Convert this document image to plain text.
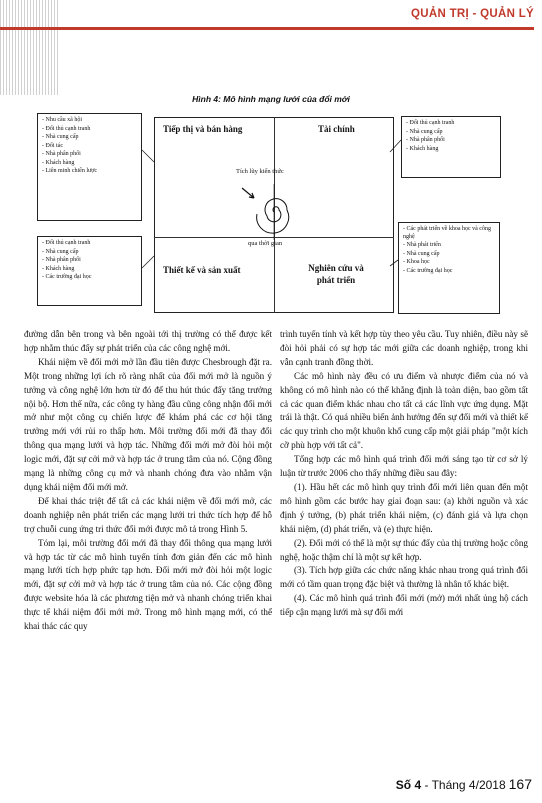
QUẢN TRỊ - QUẢN LÝ
Hình 4: Mô hình mạng lưới của đổi mới
- Nhu cầu xã hội
- Đối thủ cạnh tranh
- Nhà cung cấp
- Đối tác
- Nhà phân phối
- Khách hàng
- Liên minh chiến lược
- Đối thủ cạnh tranh
- Nhà cung cấp
- Nhà phân phối
- Khách hàng
- Các trường đại học
- Đối thủ cạnh tranh
- Nhà cung cấp
- Nhà phân phối
- Khách hàng
- Các phát triển về khoa học và công nghệ
- Nhà phát triển
- Nhà cung cấp
- Khoa học
- Các trường đại học
Tiếp thị và bán hàng	Tài chính
Thiết kế và sản xuất	Nghiên cứu và phát triển
Tích lũy kiến thức
qua thời gian

đường dẫn bên trong và bên ngoài tới thị trường có thể được kết hợp nhằm thúc đẩy sự phát triển của các công nghệ mới.

Khái niệm về đổi mới mở lần đầu tiên được Chesbrough đặt ra. Một trong những lợi ích rõ ràng nhất của đổi mới mở là nguồn ý tưởng và công nghệ lớn hơn từ đó để thu hút thúc đẩy tăng trưởng nội bộ. Hơn thế nữa, các công ty hàng đầu cũng công nhận đổi mới mở như một công cụ chiến lược để khám phá các cơ hội tăng trưởng mới với rủi ro thấp hơn. Môi trường đổi mới đã thay đổi thông qua mạng lưới và hợp tác. Những đổi mới mở đòi hỏi một logic mới, đặt sự cởi mở và hợp tác ở trung tâm của nó. Cộng đồng mạng là những công cụ mở và nhanh chóng đưa vào nhằm vận dụng khái niệm đổi mới mở.

Để khai thác triệt để tất cả các khái niệm về đổi mới mở, các doanh nghiệp nên phát triển các mạng lưới tri thức tích hợp để hỗ trợ chuỗi cung ứng tri thức đổi mới được mô tả trong Hình 5.

Tóm lại, môi trường đổi mới đã thay đổi thông qua mạng lưới và hợp tác từ các mô hình tuyến tính đơn giản đến các mô hình mạng lưới tích hợp phức tạp hơn. Đổi mới mở đòi hỏi một logic mới, đặt sự cởi mở và hợp tác ở trung tâm của nó. Các cộng đồng được website hóa là các phương tiện mở và nhanh chóng triển khai thực tế khái niệm đổi mới mở. Trong mô hình mạng mới, có thể khai thác các quy

trình tuyến tính và kết hợp tùy theo yêu cầu. Tuy nhiên, điều này sẽ đòi hỏi phải có sự hợp tác mới giữa các doanh nghiệp, trong khi vẫn cạnh tranh đồng thời.

Các mô hình này đều có ưu điểm và nhược điểm của nó và không có mô hình nào có thể khẳng định là toàn diện, bao gồm tất cả các quan điểm khác nhau cho tất cả các lĩnh vực ứng dụng. Mặt trái là thật. Có quá nhiều biến ảnh hưởng đến sự đổi mới và thiết kế các quy trình cho một khuôn khổ cung cấp một giải pháp "một kích cỡ phù hợp với tất cả".

Tổng hợp các mô hình quá trình đổi mới sáng tạo từ cơ sở lý luận từ trước 2006 cho thấy những điều sau đây:

(1). Hầu hết các mô hình quy trình đổi mới liên quan đến một mô hình gồm các bước hay giai đoạn sau: (a) khởi nguồn và xác định ý tưởng, (b) phát triển khái niệm, (c) đánh giá và lựa chọn khái niệm, (d) phát triển, và (e) thực hiện.

(2). Đổi mới có thể là một sự thúc đẩy của thị trường hoặc công nghệ, hoặc thậm chí là một sự kết hợp.

(3). Tích hợp giữa các chức năng khác nhau trong quá trình đổi mới có tầm quan trọng đặc biệt và thường là nhân tố khác biệt.

(4). Các mô hình quá trình đổi mới (mở) mới nhất ủng hộ cách tiếp cận mạng lưới mà sự đổi mới

Số 4 - Tháng 4/2018 167
